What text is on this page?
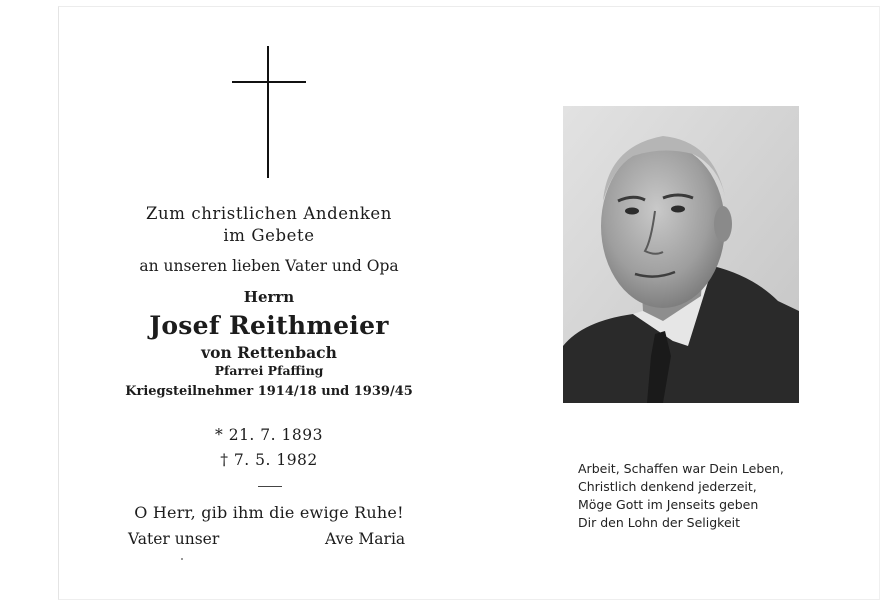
Zum christlichen Andenken
im Gebete
an unseren lieben Vater und Opa
Herrn
Josef Reithmeier
von Rettenbach
Pfarrei Pfaffing
Kriegsteilnehmer 1914/18 und 1939/45
* 21. 7. 1893
† 7. 5. 1982
O Herr, gib ihm die ewige Ruhe!
Vater unser	Ave Maria
Arbeit, Schaffen war Dein Leben,
Christlich denkend jederzeit,
Möge Gott im Jenseits geben
Dir den Lohn der Seligkeit
